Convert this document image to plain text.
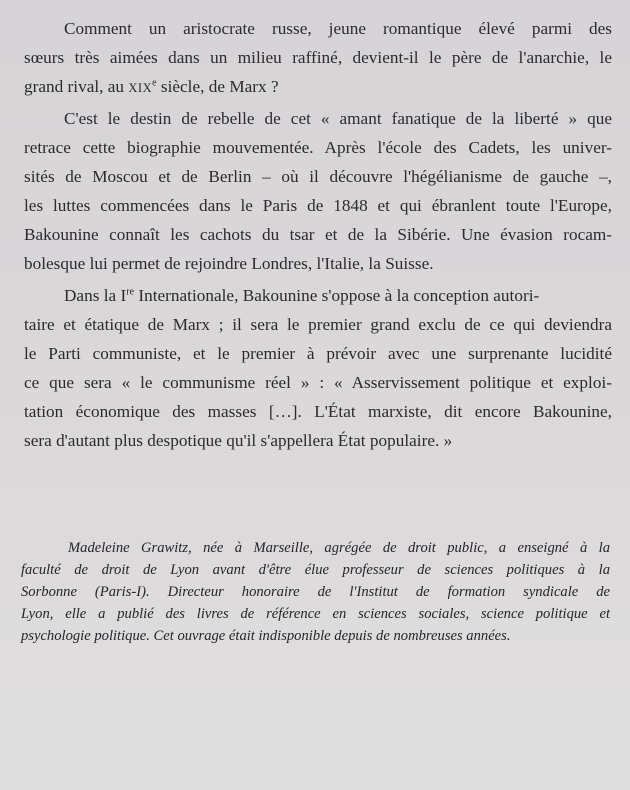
Comment un aristocrate russe, jeune romantique élevé parmi des
sœurs très aimées dans un milieu raffiné, devient-il le père de l'anarchie, le
grand rival, au XIXe siècle, de Marx ?
C'est le destin de rebelle de cet « amant fanatique de la liberté » que
retrace cette biographie mouvementée. Après l'école des Cadets, les univer-
sités de Moscou et de Berlin – où il découvre l'hégélianisme de gauche –,
les luttes commencées dans le Paris de 1848 et qui ébranlent toute l'Europe,
Bakounine connaît les cachots du tsar et de la Sibérie. Une évasion rocam-
bolesque lui permet de rejoindre Londres, l'Italie, la Suisse.
Dans la Ire Internationale, Bakounine s'oppose à la conception autori-
taire et étatique de Marx ; il sera le premier grand exclu de ce qui deviendra
le Parti communiste, et le premier à prévoir avec une surprenante lucidité
ce que sera « le communisme réel » : « Asservissement politique et exploi-
tation économique des masses […]. L'État marxiste, dit encore Bakounine,
sera d'autant plus despotique qu'il s'appellera État populaire. »
Madeleine Grawitz, née à Marseille, agrégée de droit public, a enseigné à la
faculté de droit de Lyon avant d'être élue professeur de sciences politiques à la
Sorbonne (Paris-I). Directeur honoraire de l'Institut de formation syndicale de
Lyon, elle a publié des livres de référence en sciences sociales, science politique et
psychologie politique. Cet ouvrage était indisponible depuis de nombreuses années.
